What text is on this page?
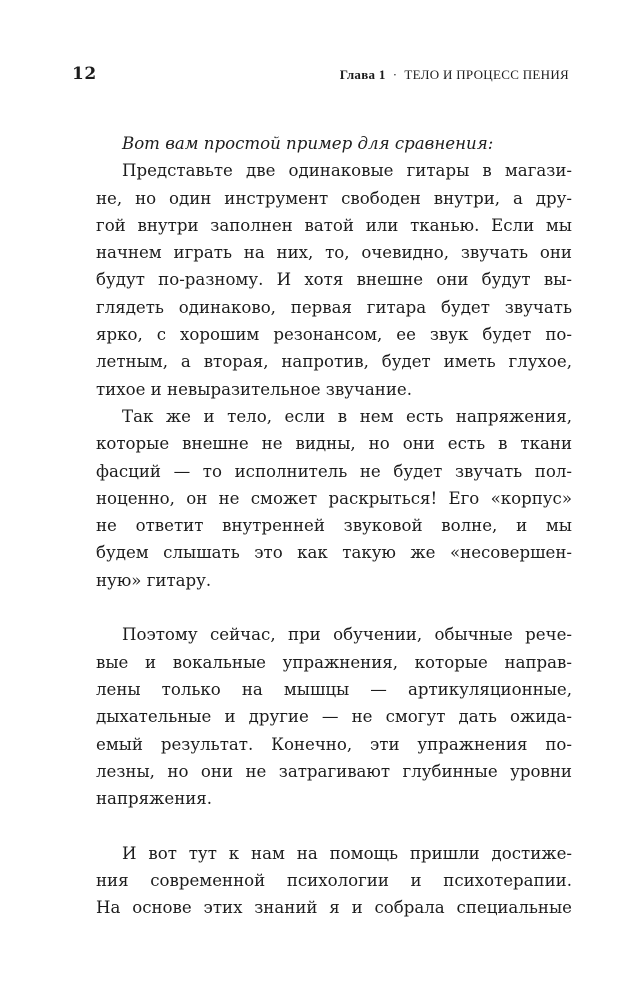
12	Глава 1 · ТЕЛО И ПРОЦЕСС ПЕНИЯ
Вот вам простой пример для сравнения:
Представьте две одинаковые гитары в магази-
не, но один инструмент свободен внутри, а дру-
гой внутри заполнен ватой или тканью. Если мы
начнем играть на них, то, очевидно, звучать они
будут по-разному. И хотя внешне они будут вы-
глядеть одинаково, первая гитара будет звучать
ярко, с хорошим резонансом, ее звук будет по-
летным, а вторая, напротив, будет иметь глухое,
тихое и невыразительное звучание.
Так же и тело, если в нем есть напряжения,
которые внешне не видны, но они есть в ткани
фасций — то исполнитель не будет звучать пол-
ноценно, он не сможет раскрыться! Его «корпус»
не ответит внутренней звуковой волне, и мы
будем слышать это как такую же «несовершен-
ную» гитару.
Поэтому сейчас, при обучении, обычные рече-
вые и вокальные упражнения, которые направ-
лены только на мышцы — артикуляционные,
дыхательные и другие — не смогут дать ожида-
емый результат. Конечно, эти упражнения по-
лезны, но они не затрагивают глубинные уровни
напряжения.
И вот тут к нам на помощь пришли достиже-
ния современной психологии и психотерапии.
На основе этих знаний я и собрала специальные
